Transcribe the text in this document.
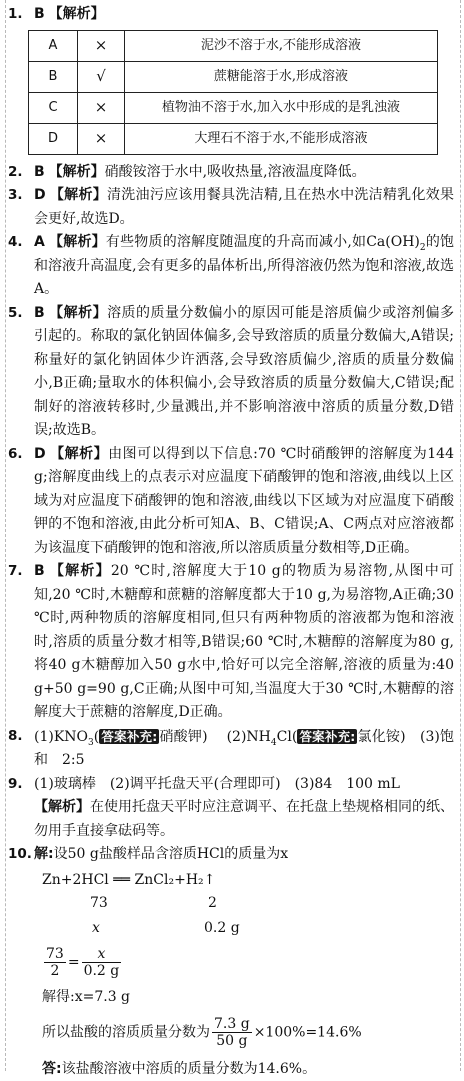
1. B 【解析】
A	×	泥沙不溶于水,不能形成溶液
B	√	蔗糖能溶于水,形成溶液
C	×	植物油不溶于水,加入水中形成的是乳浊液
D	×	大理石不溶于水,不能形成溶液
2. B 【解析】硝酸铵溶于水中,吸收热量,溶液温度降低。
3. D 【解析】清洗油污应该用餐具洗洁精,且在热水中洗洁精乳化效果会更好,故选D。
4. A 【解析】有些物质的溶解度随温度的升高而减小,如$Ca(OH)_2$的饱和溶液升高温度,会有更多的晶体析出,所得溶液仍然为饱和溶液,故选A。
5. B 【解析】溶质的质量分数偏小的原因可能是溶质偏少或溶剂偏多引起的。称取的氯化钠固体偏多,会导致溶质的质量分数偏大,A错误;称量好的氯化钠固体少许洒落,会导致溶质偏少,溶质的质量分数偏小,B正确;量取水的体积偏小,会导致溶质的质量分数偏大,C错误;配制好的溶液转移时,少量溅出,并不影响溶液中溶质的质量分数,D错误;故选B。
6. D 【解析】由图可以得到以下信息:70 ℃时硝酸钾的溶解度为144 g;溶解度曲线上的点表示对应温度下硝酸钾的饱和溶液,曲线以上区域为对应温度下硝酸钾的饱和溶液,曲线以下区域为对应温度下硝酸钾的不饱和溶液,由此分析可知A、B、C错误;A、C两点对应溶液都为该温度下硝酸钾的饱和溶液,所以溶质质量分数相等,D正确。
7. B 【解析】20 ℃时,溶解度大于10 g的物质为易溶物,从图中可知,20 ℃时,木糖醇和蔗糖的溶解度都大于10 g,为易溶物,A正确;30 ℃时,两种物质的溶解度相同,但只有两种物质的溶液都为饱和溶液时,溶质的质量分数才相等,B错误;60 ℃时,木糖醇的溶解度为80 g,将40 g木糖醇加入50 g水中,恰好可以完全溶解,溶液的质量为:40 g+50 g=90 g,C正确;从图中可知,当温度大于30 ℃时,木糖醇的溶解度大于蔗糖的溶解度,D正确。
8. $(1)KNO_3$( 答案补充: 硝酸钾)　 $(2)NH_4Cl$( 答案补充: 氯化铵)　 (3)饱和　2:5
9. (1)玻璃棒　(2)调平托盘天平(合理即可)　(3)84　100 mL
【解析】在使用托盘天平时应注意调平、在托盘上垫规格相同的纸、勿用手直接拿砝码等。
10. 解:设50 g盐酸样品含溶质HCl的质量为x
Zn+2HCl ══ ZnCl₂+H₂↑
73	2
x	0.2 g
$\frac{73}{2} = \frac{x}{0.2 g}$
解得:x=7.3 g
所以盐酸的溶质质量分数为 $\frac{7.3 g}{50 g} \times 100\%=14.6\%$
答:该盐酸溶液中溶质的质量分数为14.6%。
